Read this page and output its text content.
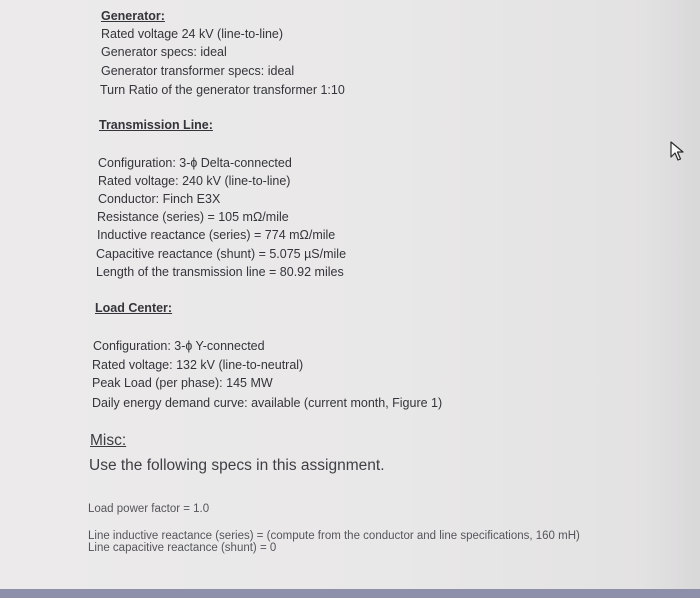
Generator:
Rated voltage 24 kV (line-to-line)
Generator specs: ideal
Generator transformer specs: ideal
Turn Ratio of the generator transformer 1:10
Transmission Line:
Configuration: 3-ɸ Delta-connected
Rated voltage: 240 kV (line-to-line)
Conductor: Finch E3X
Resistance (series) = 105 mΩ/mile
Inductive reactance (series) = 774 mΩ/mile
Capacitive reactance (shunt) = 5.075 µS/mile
Length of the transmission line = 80.92 miles
Load Center:
Configuration: 3-ɸ Y-connected
Rated voltage: 132 kV (line-to-neutral)
Peak Load (per phase): 145 MW
Daily energy demand curve: available (current month, Figure 1)
Misc:
Use the following specs in this assignment.
Load power factor = 1.0
Line inductive reactance (series) = (compute from the conductor and line specifications, 160 mH)
Line capacitive reactance (shunt) = 0
